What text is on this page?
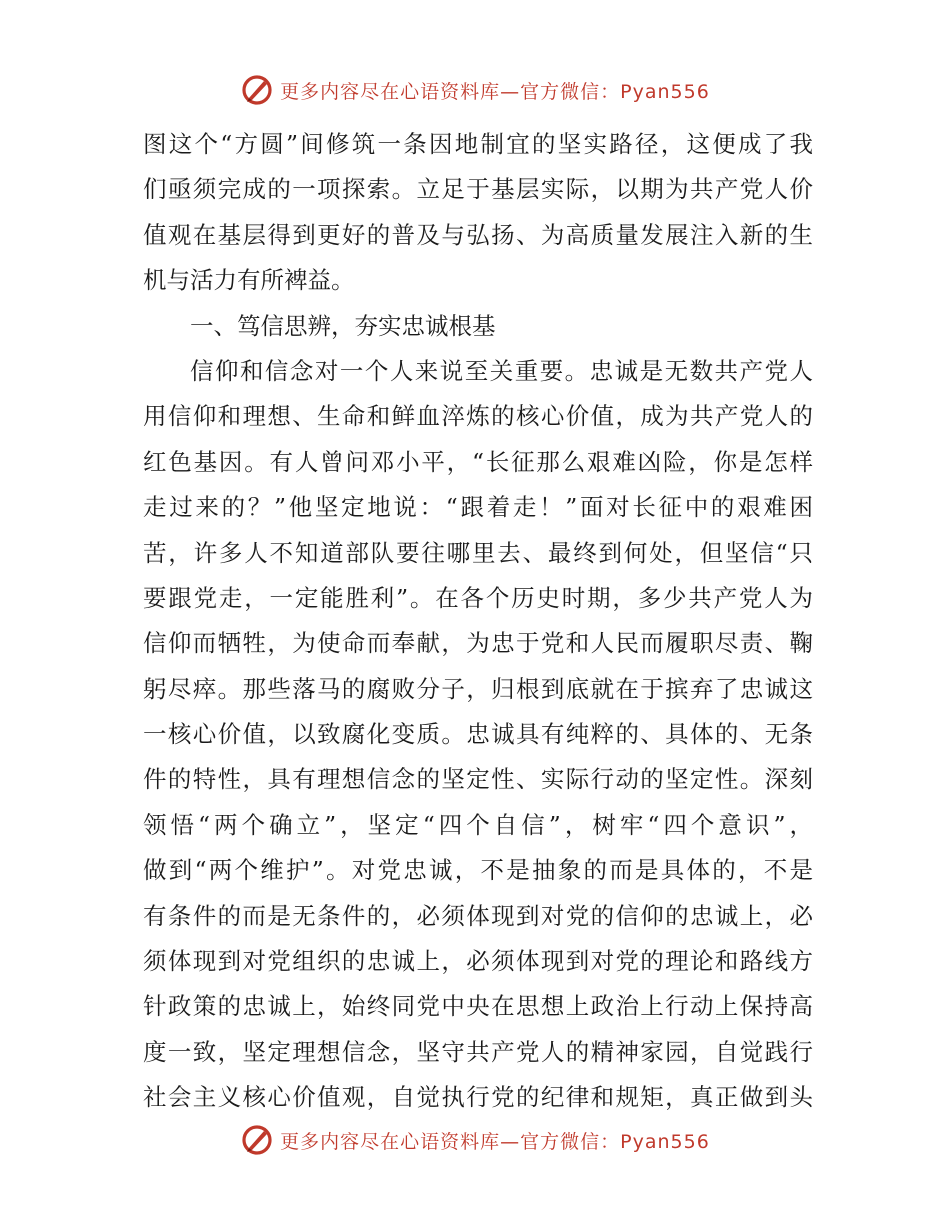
更多内容尽在心语资料库—官方微信：Pyan556
图这个“方圆”间修筑一条因地制宜的坚实路径，这便成了我
们亟须完成的一项探索。立足于基层实际，以期为共产党人价
值观在基层得到更好的普及与弘扬、为高质量发展注入新的生
机与活力有所裨益。
一、笃信思辨，夯实忠诚根基
信仰和信念对一个人来说至关重要。忠诚是无数共产党人
用信仰和理想、生命和鲜血淬炼的核心价值，成为共产党人的
红色基因。有人曾问邓小平，“长征那么艰难凶险，你是怎样
走过来的？”他坚定地说：“跟着走！”面对长征中的艰难困
苦，许多人不知道部队要往哪里去、最终到何处，但坚信“只
要跟党走，一定能胜利”。在各个历史时期，多少共产党人为
信仰而牺牲，为使命而奉献，为忠于党和人民而履职尽责、鞠
躬尽瘁。那些落马的腐败分子，归根到底就在于摈弃了忠诚这
一核心价值，以致腐化变质。忠诚具有纯粹的、具体的、无条
件的特性，具有理想信念的坚定性、实际行动的坚定性。深刻
领悟“两个确立”，坚定“四个自信”，树牢“四个意识”，
做到“两个维护”。对党忠诚，不是抽象的而是具体的，不是
有条件的而是无条件的，必须体现到对党的信仰的忠诚上，必
须体现到对党组织的忠诚上，必须体现到对党的理论和路线方
针政策的忠诚上，始终同党中央在思想上政治上行动上保持高
度一致，坚定理想信念，坚守共产党人的精神家园，自觉践行
社会主义核心价值观，自觉执行党的纪律和规矩，真正做到头
更多内容尽在心语资料库—官方微信：Pyan556
